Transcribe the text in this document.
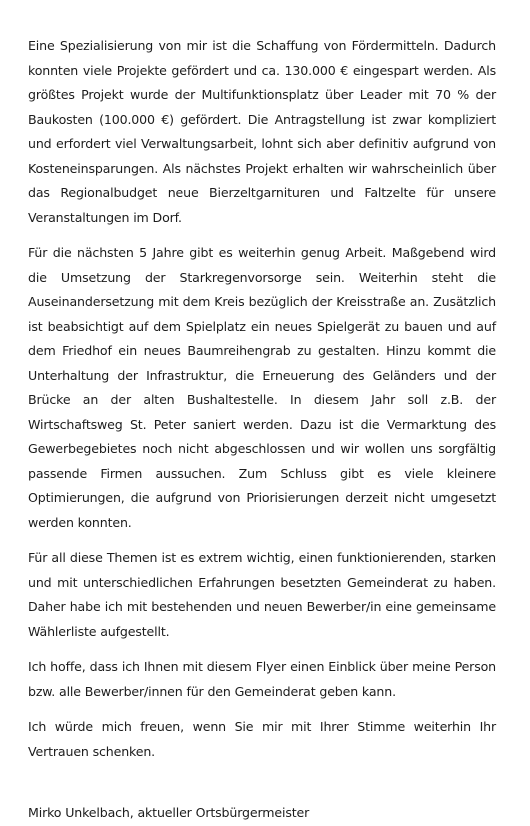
Eine Spezialisierung von mir ist die Schaffung von Fördermitteln. Dadurch konnten viele Projekte gefördert und ca. 130.000 € eingespart werden. Als größtes Projekt wurde der Multifunktionsplatz über Leader mit 70 % der Baukosten (100.000 €) gefördert. Die Antragstellung ist zwar kompliziert und erfordert viel Verwaltungsarbeit, lohnt sich aber definitiv aufgrund von Kosteneinsparungen. Als nächstes Projekt erhalten wir wahrscheinlich über das Regionalbudget neue Bierzeltgarnituren und Faltzelte für unsere Veranstaltungen im Dorf.

Für die nächsten 5 Jahre gibt es weiterhin genug Arbeit. Maßgebend wird die Umsetzung der Starkregenvorsorge sein. Weiterhin steht die Auseinandersetzung mit dem Kreis bezüglich der Kreisstraße an. Zusätzlich ist beabsichtigt auf dem Spielplatz ein neues Spielgerät zu bauen und auf dem Friedhof ein neues Baumreihengrab zu gestalten. Hinzu kommt die Unterhaltung der Infrastruktur, die Erneuerung des Geländers und der Brücke an der alten Bushaltestelle. In diesem Jahr soll z.B. der Wirtschaftsweg St. Peter saniert werden. Dazu ist die Vermarktung des Gewerbegebietes noch nicht abgeschlossen und wir wollen uns sorgfältig passende Firmen aussuchen. Zum Schluss gibt es viele kleinere Optimierungen, die aufgrund von Priorisierungen derzeit nicht umgesetzt werden konnten.

Für all diese Themen ist es extrem wichtig, einen funktionierenden, starken und mit unterschiedlichen Erfahrungen besetzten Gemeinderat zu haben. Daher habe ich mit bestehenden und neuen Bewerber/in eine gemeinsame Wählerliste aufgestellt.

Ich hoffe, dass ich Ihnen mit diesem Flyer einen Einblick über meine Person bzw. alle Bewerber/innen für den Gemeinderat geben kann.

Ich würde mich freuen, wenn Sie mir mit Ihrer Stimme weiterhin Ihr Vertrauen schenken.

Mirko Unkelbach, aktueller Ortsbürgermeister
